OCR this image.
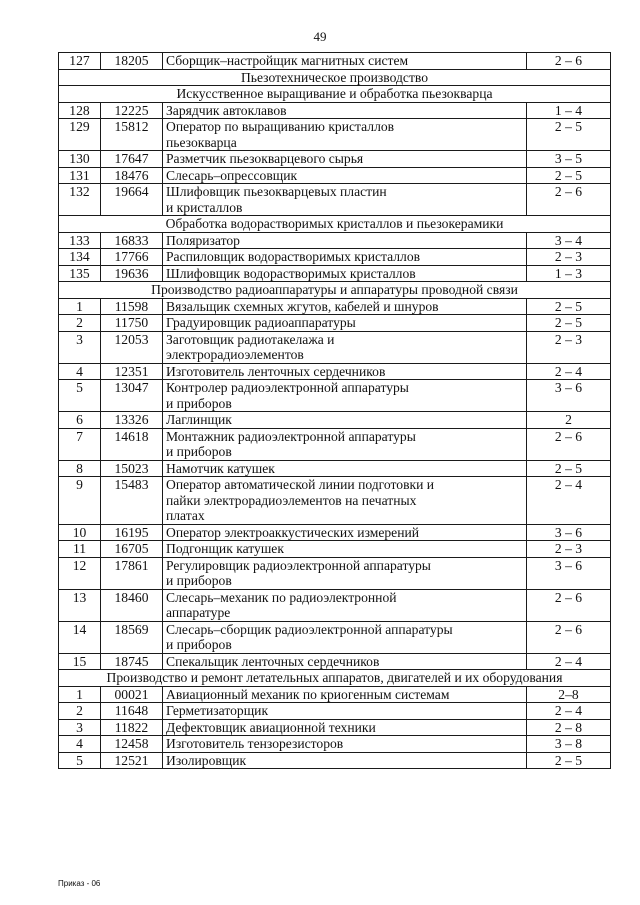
49
127	18205	Сборщик–настройщик магнитных систем	2 – 6
Пьезотехническое производство			
Искусственное выращивание и обработка пьезокварца			
128	12225	Зарядчик автоклавов	1 – 4
129	15812	Оператор по выращиванию кристаллов
пьезокварца	2 – 5
130	17647	Разметчик пьезокварцевого сырья	3 – 5
131	18476	Слесарь–опрессовщик	2 – 5
132	19664	Шлифовщик пьезокварцевых пластин
и кристаллов	2 – 6
Обработка водорастворимых кристаллов и пьезокерамики			
133	16833	Поляризатор	3 – 4
134	17766	Распиловщик водорастворимых кристаллов	2 – 3
135	19636	Шлифовщик водорастворимых кристаллов	1 – 3
Производство радиоаппаратуры и аппаратуры проводной связи			
1	11598	Вязальщик схемных жгутов, кабелей и шнуров	2 – 5
2	11750	Градуировщик радиоаппаратуры	2 – 5
3	12053	Заготовщик радиотакелажа и
электрорадиоэлементов	2 – 3
4	12351	Изготовитель ленточных сердечников	2 – 4
5	13047	Контролер радиоэлектронной аппаратуры
и приборов	3 – 6
6	13326	Лаглинщик	2
7	14618	Монтажник радиоэлектронной аппаратуры
и приборов	2 – 6
8	15023	Намотчик катушек	2 – 5
9	15483	Оператор автоматической линии подготовки и
пайки электрорадиоэлементов на печатных
платах	2 – 4
10	16195	Оператор электроаккустических измерений	3 – 6
11	16705	Подгонщик катушек	2 – 3
12	17861	Регулировщик радиоэлектронной аппаратуры
и приборов	3 – 6
13	18460	Слесарь–механик по радиоэлектронной
аппаратуре	2 – 6
14	18569	Слесарь–сборщик радиоэлектронной аппаратуры
и приборов	2 – 6
15	18745	Спекальщик ленточных сердечников	2 – 4
Производство и ремонт летательных аппаратов, двигателей и их оборудования			
1	00021	Авиационный механик по криогенным системам	2–8
2	11648	Герметизаторщик	2 – 4
3	11822	Дефектовщик авиационной техники	2 – 8
4	12458	Изготовитель тензорезисторов	3 – 8
5	12521	Изолировщик	2 – 5
Приказ - 06
